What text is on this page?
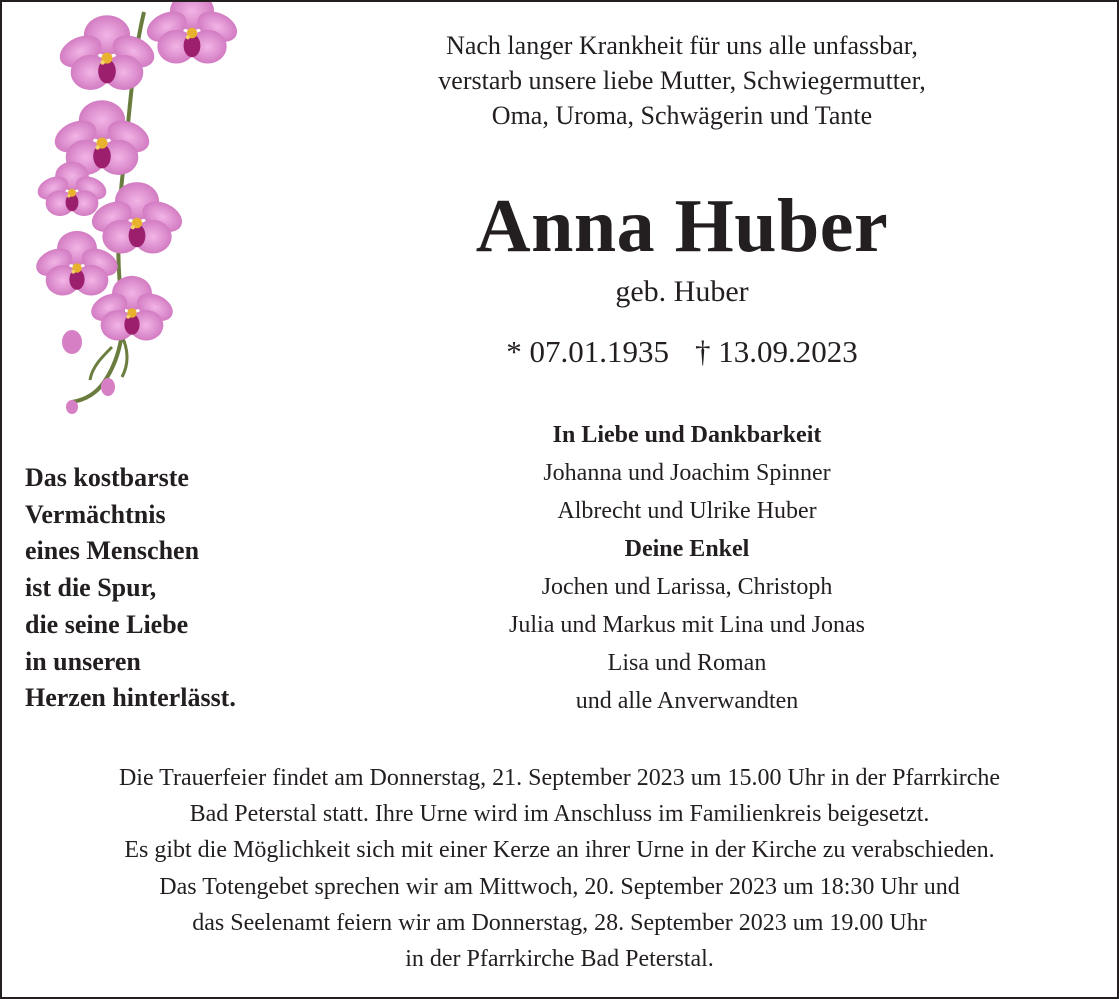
Nach langer Krankheit für uns alle unfassbar,
verstarb unsere liebe Mutter, Schwiegermutter,
Oma, Uroma, Schwägerin und Tante
Anna Huber
geb. Huber
* 07.01.1935 † 13.09.2023
In Liebe und Dankbarkeit
Johanna und Joachim Spinner
Albrecht und Ulrike Huber
Deine Enkel
Jochen und Larissa, Christoph
Julia und Markus mit Lina und Jonas
Lisa und Roman
und alle Anverwandten
Das kostbarste
Vermächtnis
eines Menschen
ist die Spur,
die seine Liebe
in unseren
Herzen hinterlässt.
Die Trauerfeier findet am Donnerstag, 21. September 2023 um 15.00 Uhr in der Pfarrkirche
Bad Peterstal statt. Ihre Urne wird im Anschluss im Familienkreis beigesetzt.
Es gibt die Möglichkeit sich mit einer Kerze an ihrer Urne in der Kirche zu verabschieden.
Das Totengebet sprechen wir am Mittwoch, 20. September 2023 um 18:30 Uhr und
das Seelenamt feiern wir am Donnerstag, 28. September 2023 um 19.00 Uhr
in der Pfarrkirche Bad Peterstal.
